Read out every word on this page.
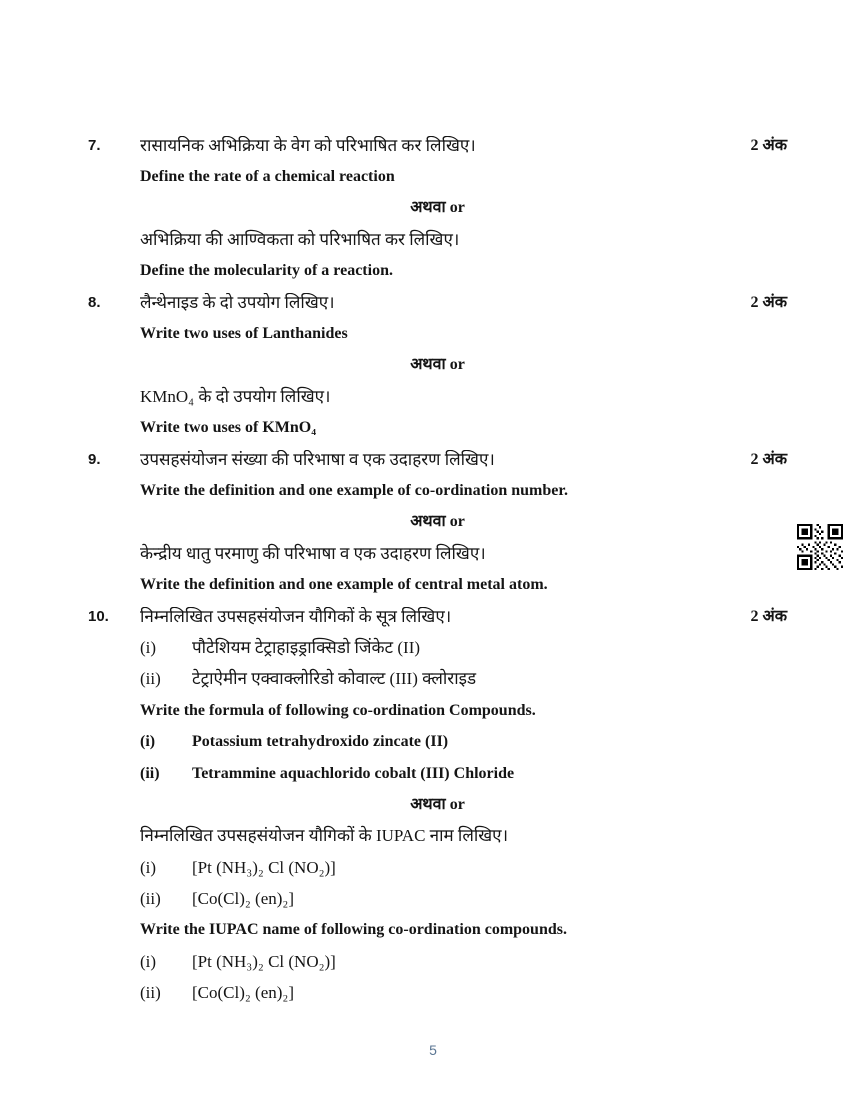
7.	रासायनिक अभिक्रिया के वेग को परिभाषित कर लिखिए।	2 अंक
Define the rate of a chemical reaction
अथवा or
अभिक्रिया की आण्विकता को परिभाषित कर लिखिए।
Define the molecularity of a reaction.
8.	लैन्थेनाइड के दो उपयोग लिखिए।	2 अंक
Write two uses of Lanthanides
अथवा or
KMnO₄ के दो उपयोग लिखिए।
Write two uses of KMnO₄
9.	उपसहसंयोजन संख्या की परिभाषा व एक उदाहरण लिखिए।	2 अंक
Write the definition and one example of co-ordination number.
अथवा or
केन्द्रीय धातु परमाणु की परिभाषा व एक उदाहरण लिखिए।
Write the definition and one example of central metal atom.
10.	निम्नलिखित उपसहसंयोजन यौगिकों के सूत्र लिखिए।	2 अंक
(i)	पौटेशियम टेट्राहाइड्राक्सिडो जिंकेट (II)
(ii)	टेट्राऐमीन एक्वाक्लोरिडो कोवाल्ट (III) क्लोराइड
Write the formula of following co-ordination Compounds.
(i)	Potassium tetrahydroxido zincate (II)
(ii)	Tetrammine aquachlorido cobalt (III) Chloride
अथवा or
निम्नलिखित उपसहसंयोजन यौगिकों के IUPAC नाम लिखिए।
(i)	[Pt (NH₃)₂ Cl (NO₂)]
(ii)	[Co(Cl)₂ (en)₂]
Write the IUPAC name of following co-ordination compounds.
(i)	[Pt (NH₃)₂ Cl (NO₂)]
(ii)	[Co(Cl)₂ (en)₂]
5
